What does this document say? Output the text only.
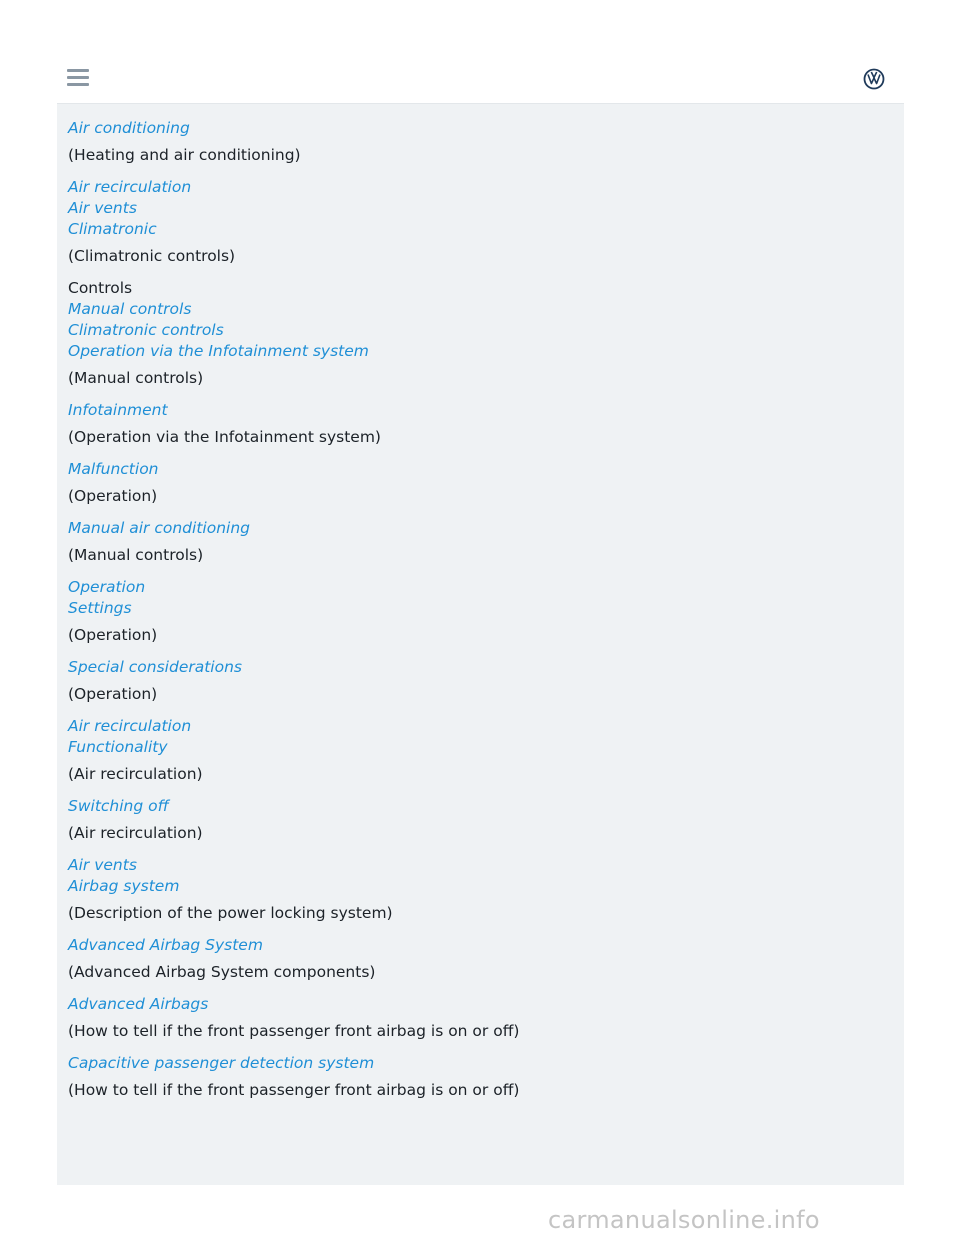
Air conditioning
(Heating and air conditioning)
Air recirculation
Air vents
Climatronic
(Climatronic controls)
Controls
Manual controls
Climatronic controls
Operation via the Infotainment system
(Manual controls)
Infotainment
(Operation via the Infotainment system)
Malfunction
(Operation)
Manual air conditioning
(Manual controls)
Operation
Settings
(Operation)
Special considerations
(Operation)
Air recirculation
Functionality
(Air recirculation)
Switching off
(Air recirculation)
Air vents
Airbag system
(Description of the power locking system)
Advanced Airbag System
(Advanced Airbag System components)
Advanced Airbags
(How to tell if the front passenger front airbag is on or off)
Capacitive passenger detection system
(How to tell if the front passenger front airbag is on or off)
carmanualsonline.info
